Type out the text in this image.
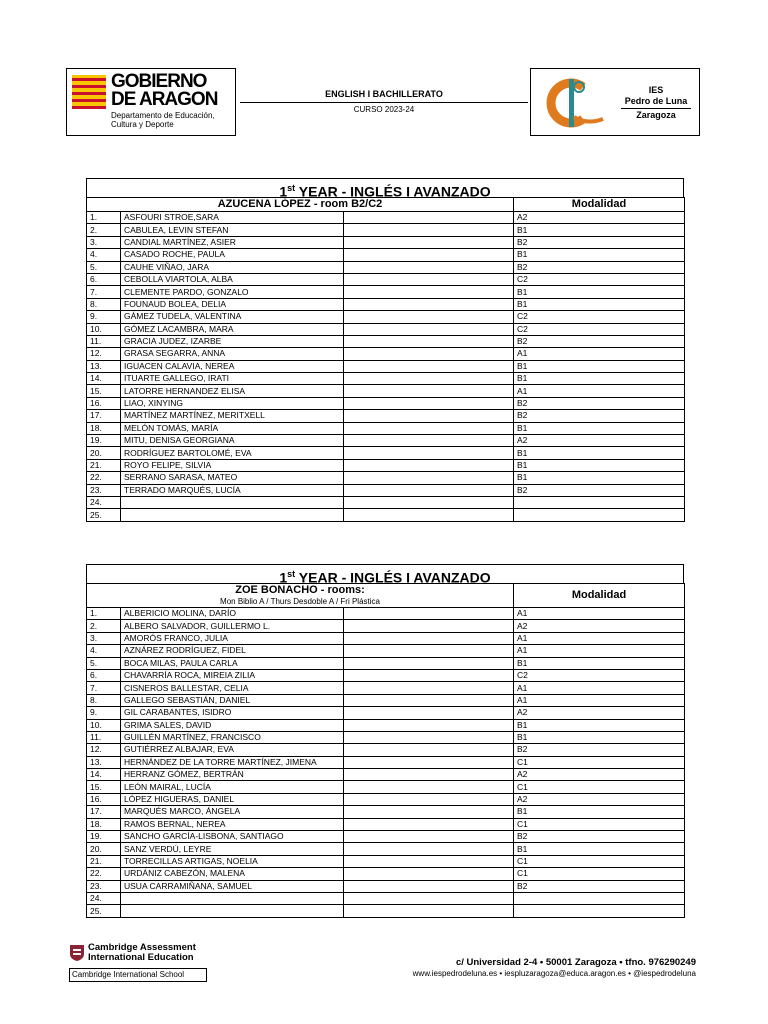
GOBIERNO
DE ARAGON
Departamento de Educación,
Cultura y Deporte
ENGLISH I BACHILLERATO
CURSO 2023-24
IES
Pedro de Luna
Zaragoza
1st YEAR - INGLÉS I AVANZADO
AZUCENA LÓPEZ - room B2/C2			Modalidad
1.	ASFOURI STROE,SARA		A2
2.	CABULEA, LEVIN STEFAN		B1
3.	CANDIAL MARTÍNEZ, ASIER		B2
4.	CASADO ROCHE, PAULA		B1
5.	CAUHE VIÑAO, JARA		B2
6.	CEBOLLA VIARTOLA, ALBA		C2
7.	CLEMENTE PARDO, GONZALO		B1
8.	FOUNAUD BOLEA, DELIA		B1
9.	GÁMEZ TUDELA, VALENTINA		C2
10.	GÓMEZ LACAMBRA, MARA		C2
11.	GRACIA JUDEZ, IZARBE		B2
12.	GRASA SEGARRA, ANNA		A1
13.	IGUACEN CALAVIA, NEREA		B1
14.	ITUARTE GALLEGO, IRATI		B1
15.	LATORRE HERNANDEZ ELISA		A1
16.	LIAO, XINYING		B2
17.	MARTÍNEZ MARTÍNEZ, MERITXELL		B2
18.	MELÓN TOMÁS, MARÍA		B1
19.	MITU, DENISA GEORGIANA		A2
20.	RODRÍGUEZ BARTOLOMÉ, EVA		B1
21.	ROYO FELIPE, SILVIA		B1
22.	SERRANO SARASA, MATEO		B1
23.	TERRADO MARQUÉS, LUCÍA		B2
24.			
25.			
1st YEAR - INGLÉS I AVANZADO
ZOE BONACHO - rooms:
Mon Biblio A / Thurs Desdoble A / Fri Plástica			Modalidad
1.	ALBERICIO MOLINA, DARÍO		A1
2.	ALBERO SALVADOR, GUILLERMO L.		A2
3.	AMORÓS FRANCO, JULIA		A1
4.	AZNÁREZ RODRÍGUEZ, FIDEL		A1
5.	BOCA MILAS, PAULA CARLA		B1
6.	CHAVARRÍA ROCA, MIREIA ZILIA		C2
7.	CISNEROS BALLESTAR, CELIA		A1
8.	GALLEGO SEBASTIÁN, DANIEL		A1
9.	GIL CARABANTES, ISIDRO		A2
10.	GRIMA SALES, DAVID		B1
11.	GUILLÉN MARTÍNEZ, FRANCISCO		B1
12.	GUTIÉRREZ ALBAJAR, EVA		B2
13.	HERNÁNDEZ DE LA TORRE MARTÍNEZ, JIMENA		C1
14.	HERRANZ GÓMEZ, BERTRÁN		A2
15.	LEÓN MAIRAL, LUCÍA		C1
16.	LÓPEZ HIGUERAS, DANIEL		A2
17.	MARQUÉS MARCO, ÁNGELA		B1
18.	RAMOS BERNAL, NEREA		C1
19.	SANCHO GARCÍA-LISBONA, SANTIAGO		B2
20.	SANZ VERDÚ, LEYRE		B1
21.	TORRECILLAS ARTIGAS, NOELIA		C1
22.	URDÁNIZ CABEZÓN, MALENA		C1
23.	USUA CARRAMIÑANA, SAMUEL		B2
24.			
25.			
Cambridge Assessment
International Education
Cambridge International School
c/ Universidad 2-4 • 50001 Zaragoza • tfno. 976290249
www.iespedrodeluna.es • iespluzaragoza@educa.aragon.es • @iespedrodeluna
